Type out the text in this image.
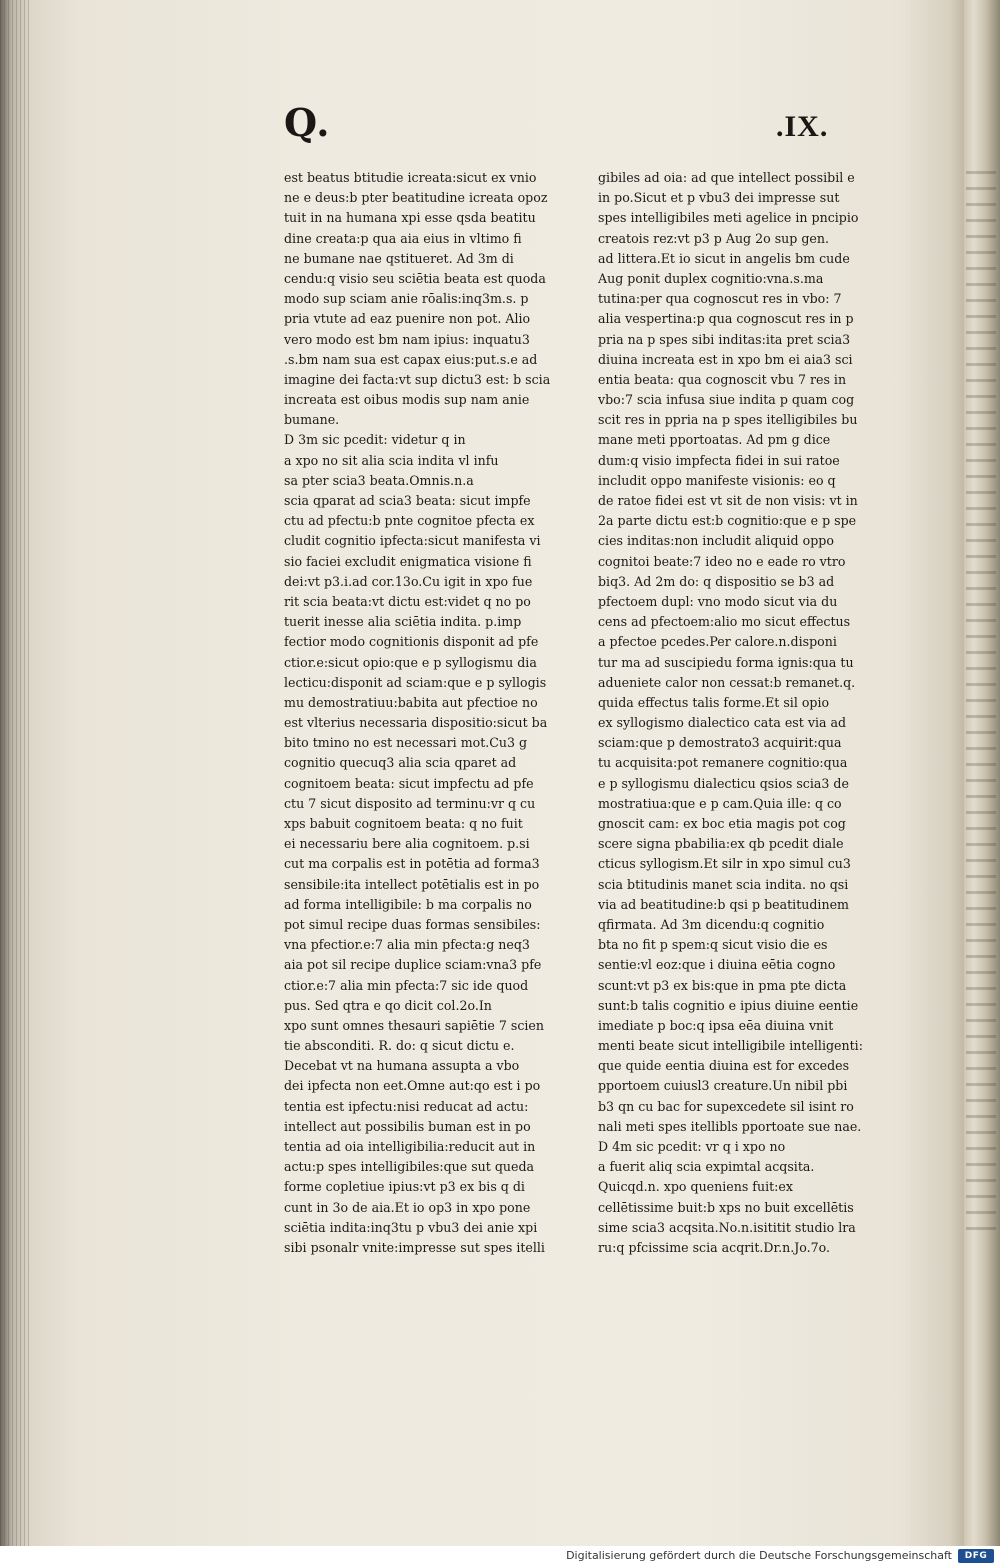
Q.	.IX.
est beatus btitudie icreata:sicut ex vnio
ne e deus:b pter beatitudine icreata opoz
tuit in na humana xpi esse qsda beatitu
dine creata:p qua aia eius in vltimo fi
ne bumane nae qstitueret. Ad 3m di
cendu:q visio seu sciētia beata est quoda
modo sup sciam anie rōalis:inq3m.s. p
pria vtute ad eaz puenire non pot. Alio
vero modo est bm nam ipius: inquatu3
.s.bm nam sua est capax eius:put.s.e ad
imagine dei facta:vt sup dictu3 est: b scia
increata est oibus modis sup nam anie
bumane.
D 3m sic pcedit: videtur q in
a xpo no sit alia scia indita vl infu
sa pter scia3 beata.Omnis.n.a
scia qparat ad scia3 beata: sicut impfe
ctu ad pfectu:b pnte cognitoe pfecta ex
cludit cognitio ipfecta:sicut manifesta vi
sio faciei excludit enigmatica visione fi
dei:vt p3.i.ad cor.13o.Cu igit in xpo fue
rit scia beata:vt dictu est:videt q no po
tuerit inesse alia sciētia indita. p.imp
fectior modo cognitionis disponit ad pfe
ctior.e:sicut opio:que e p syllogismu dia
lecticu:disponit ad sciam:que e p syllogis
mu demostratiuu:babita aut pfectioe no
est vlterius necessaria dispositio:sicut ba
bito tmino no est necessari mot.Cu3 g
cognitio quecuq3 alia scia qparet ad
cognitoem beata: sicut impfectu ad pfe
ctu 7 sicut disposito ad terminu:vr q cu
xps babuit cognitoem beata: q no fuit
ei necessariu bere alia cognitoem. p.si
cut ma corpalis est in potētia ad forma3
sensibile:ita intellect potētialis est in po
ad forma intelligibile: b ma corpalis no
pot simul recipe duas formas sensibiles:
vna pfectior.e:7 alia min pfecta:g neq3
aia pot sil recipe duplice sciam:vna3 pfe
ctior.e:7 alia min pfecta:7 sic ide quod
pus. Sed qtra e qo dicit col.2o.In
xpo sunt omnes thesauri sapiētie 7 scien
tie absconditi. R. do: q sicut dictu e.
Decebat vt na humana assupta a vbo
dei ipfecta non eet.Omne aut:qo est i po
tentia est ipfectu:nisi reducat ad actu:
intellect aut possibilis buman est in po
tentia ad oia intelligibilia:reducit aut in
actu:p spes intelligibiles:que sut queda
forme copletiue ipius:vt p3 ex bis q di
cunt in 3o de aia.Et io op3 in xpo pone
sciētia indita:inq3tu p vbu3 dei anie xpi
sibi psonalr vnite:impresse sut spes itelli
gibiles ad oia: ad que intellect possibil e
in po.Sicut et p vbu3 dei impresse sut
spes intelligibiles meti agelice in pncipio
creatois rez:vt p3 p Aug 2o sup gen.
ad littera.Et io sicut in angelis bm cude
Aug ponit duplex cognitio:vna.s.ma
tutina:per qua cognoscut res in vbo: 7
alia vespertina:p qua cognoscut res in p
pria na p spes sibi inditas:ita pret scia3
diuina increata est in xpo bm ei aia3 sci
entia beata: qua cognoscit vbu 7 res in
vbo:7 scia infusa siue indita p quam cog
scit res in ppria na p spes itelligibiles bu
mane meti pportoatas. Ad pm g dice
dum:q visio impfecta fidei in sui ratoe
includit oppo manifeste visionis: eo q
de ratoe fidei est vt sit de non visis: vt in
2a parte dictu est:b cognitio:que e p spe
cies inditas:non includit aliquid oppo
cognitoi beate:7 ideo no e eade ro vtro
biq3. Ad 2m do: q dispositio se b3 ad
pfectoem dupl: vno modo sicut via du
cens ad pfectoem:alio mo sicut effectus
a pfectoe pcedes.Per calore.n.disponi
tur ma ad suscipiedu forma ignis:qua tu
adueniete calor non cessat:b remanet.q.
quida effectus talis forme.Et sil opio
ex syllogismo dialectico cata est via ad
sciam:que p demostrato3 acquirit:qua
tu acquisita:pot remanere cognitio:qua
e p syllogismu dialecticu qsios scia3 de
mostratiua:que e p cam.Quia ille: q co
gnoscit cam: ex boc etia magis pot cog
scere signa pbabilia:ex qb pcedit diale
cticus syllogism.Et silr in xpo simul cu3
scia btitudinis manet scia indita. no qsi
via ad beatitudine:b qsi p beatitudinem
qfirmata. Ad 3m dicendu:q cognitio
bta no fit p spem:q sicut visio die es
sentie:vl eoz:que i diuina eētia cogno
scunt:vt p3 ex bis:que in pma pte dicta
sunt:b talis cognitio e ipius diuine eentie
imediate p boc:q ipsa eēa diuina vnit
menti beate sicut intelligibile intelligenti:
que quide eentia diuina est for excedes
pportoem cuiusl3 creature.Un nibil pbi
b3 qn cu bac for supexcedete sil isint ro
nali meti spes itellibls pportoate sue nae.
D 4m sic pcedit: vr q i xpo no
a fuerit aliq scia expimtal acqsita.
Quicqd.n. xpo queniens fuit:ex
cellētissime buit:b xps no buit excellētis
sime scia3 acqsita.No.n.isititit studio lra
ru:q pfcissime scia acqrit.Dr.n.Jo.7o.
Digitalisierung gefördert durch die Deutsche Forschungsgemeinschaft DFG
